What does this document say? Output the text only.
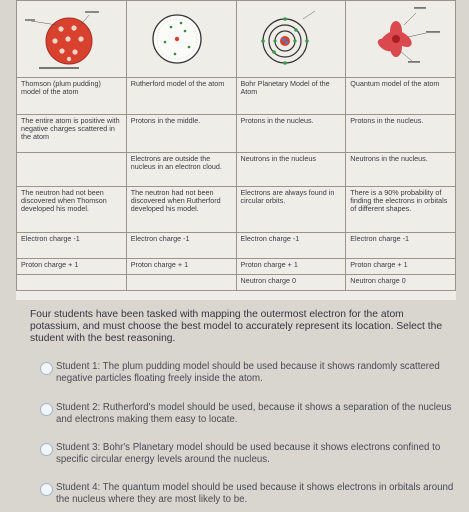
Thomson (plum pudding) model of the atom	Rutherford model of the atom	Bohr Planetary Model of the Atom	Quantum model of the atom

The entire atom is positive with negative charges scattered in the atom	Protons in the middle.	Protons in the nucleus.	Protons in the nucleus.

	Electrons are outside the nucleus in an electron cloud.	Neutrons in the nucleus	Neutrons in the nucleus.

The neutron had not been discovered when Thomson developed his model.	The neutron had not been discovered when Rutherford developed his model.	Electrons are always found in circular orbits.	There is a 90% probability of finding the electrons in orbitals of different shapes.

Electron charge -1	Electron charge -1	Electron charge -1	Electron charge -1

Proton charge + 1	Proton charge + 1	Proton charge + 1	Proton charge + 1

		Neutron charge 0	Neutron charge 0
Four students have been tasked with mapping the outermost electron for the atom potassium, and must choose the best model to accurately represent its location. Select the student with the best reasoning.
Student 1: The plum pudding model should be used because it shows randomly scattered negative particles floating freely inside the atom.
Student 2: Rutherford's model should be used, because it shows a separation of the nucleus and electrons making them easy to locate.
Student 3: Bohr's Planetary model should be used because it shows electrons confined to specific circular energy levels around the nucleus.
Student 4: The quantum model should be used because it shows electrons in orbitals around the nucleus where they are most likely to be.
